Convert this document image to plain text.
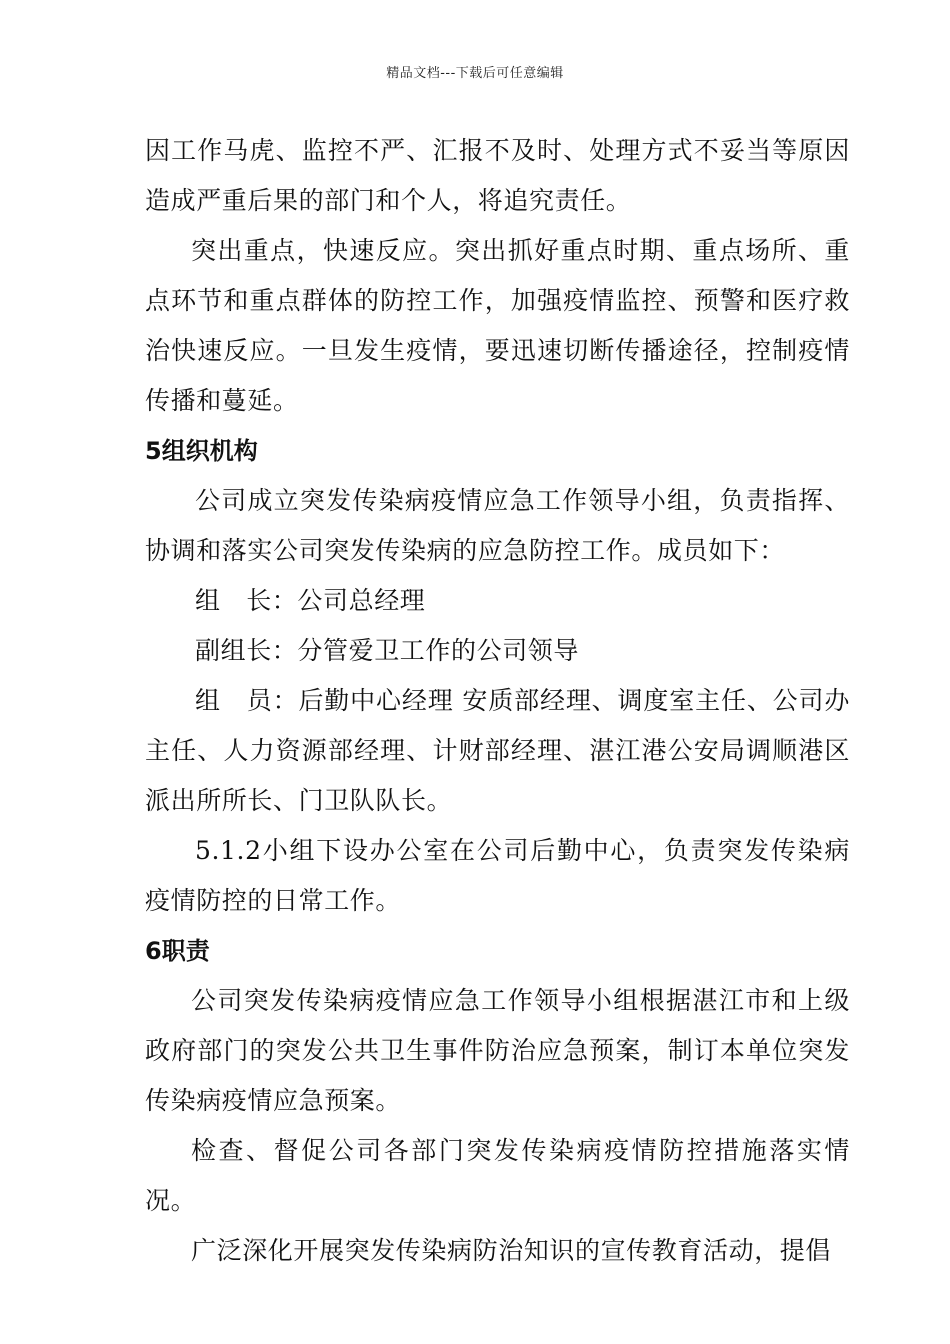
精品文档---下载后可任意编辑

因工作马虎、监控不严、汇报不及时、处理方式不妥当等原因造成严重后果的部门和个人，将追究责任。

突出重点，快速反应。突出抓好重点时期、重点场所、重点环节和重点群体的防控工作，加强疫情监控、预警和医疗救治快速反应。一旦发生疫情，要迅速切断传播途径，控制疫情传播和蔓延。

5组织机构

公司成立突发传染病疫情应急工作领导小组，负责指挥、协调和落实公司突发传染病的应急防控工作。成员如下：

组　长：公司总经理

副组长：分管爱卫工作的公司领导

组　员：后勤中心经理 安质部经理、调度室主任、公司办主任、人力资源部经理、计财部经理、湛江港公安局调顺港区派出所所长、门卫队队长。

5.1.2小组下设办公室在公司后勤中心，负责突发传染病疫情防控的日常工作。

6职责

公司突发传染病疫情应急工作领导小组根据湛江市和上级政府部门的突发公共卫生事件防治应急预案，制订本单位突发传染病疫情应急预案。

检查、督促公司各部门突发传染病疫情防控措施落实情况。

广泛深化开展突发传染病防治知识的宣传教育活动，提倡
